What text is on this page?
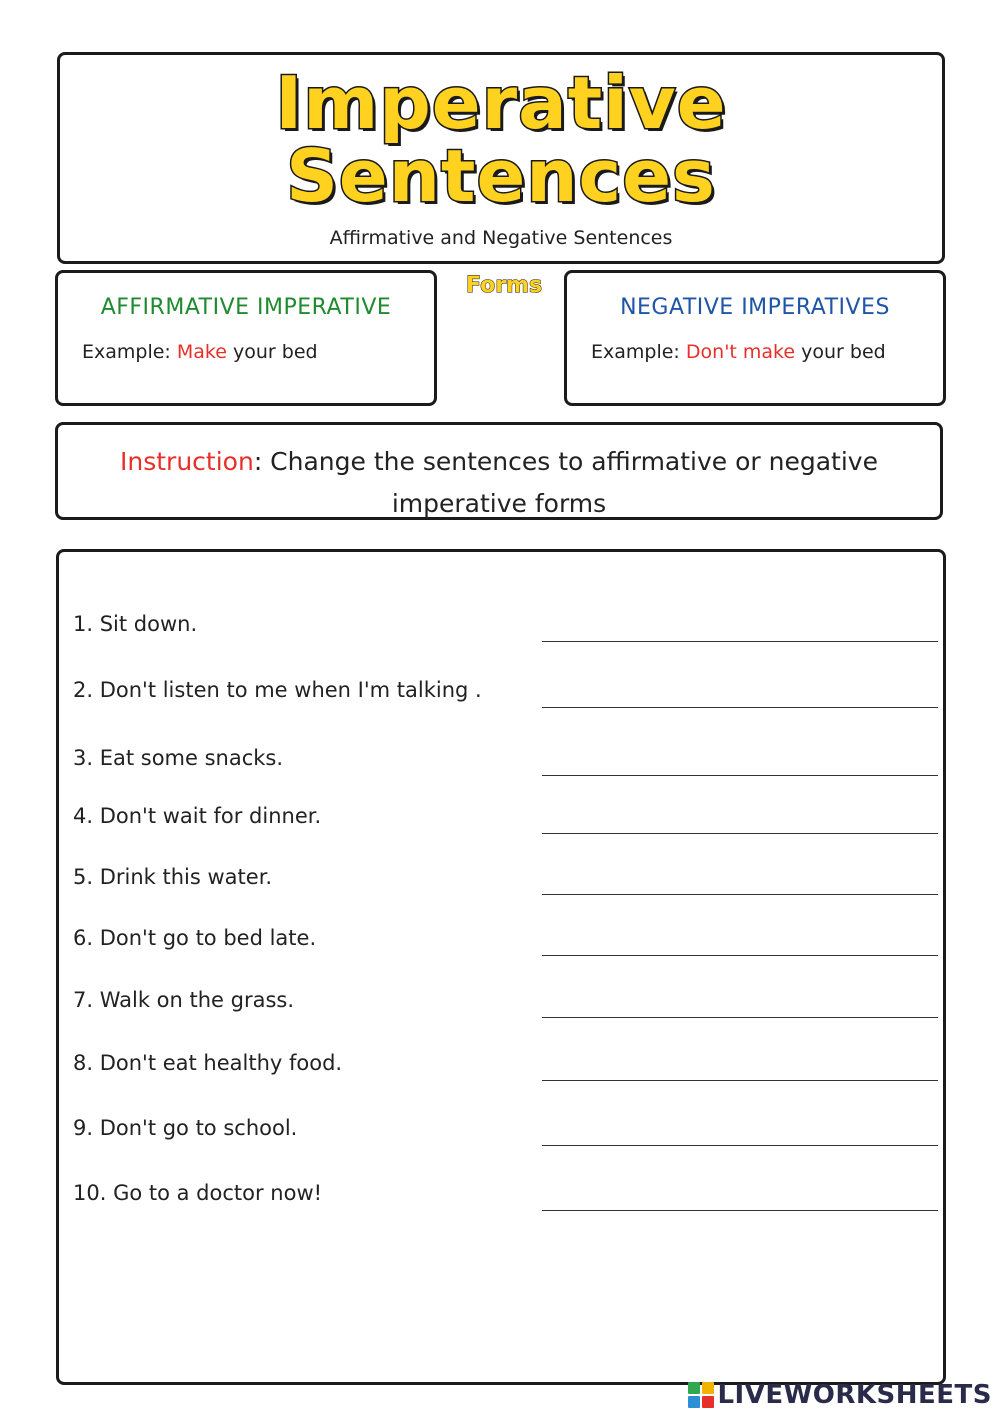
Imperative
Sentences
Affirmative and Negative Sentences
AFFIRMATIVE IMPERATIVE
Example: Make your bed
Forms
NEGATIVE IMPERATIVES
Example: Don't make your bed
Instruction: Change the sentences to affirmative or negative imperative forms
1. Sit down.
2. Don't listen to me when I'm talking .
3. Eat some snacks.
4. Don't wait for dinner.
5. Drink this water.
6. Don't go to bed late.
7. Walk on the grass.
8. Don't eat healthy food.
9. Don't go to school.
10. Go to a doctor now!
LIVEWORKSHEETS
